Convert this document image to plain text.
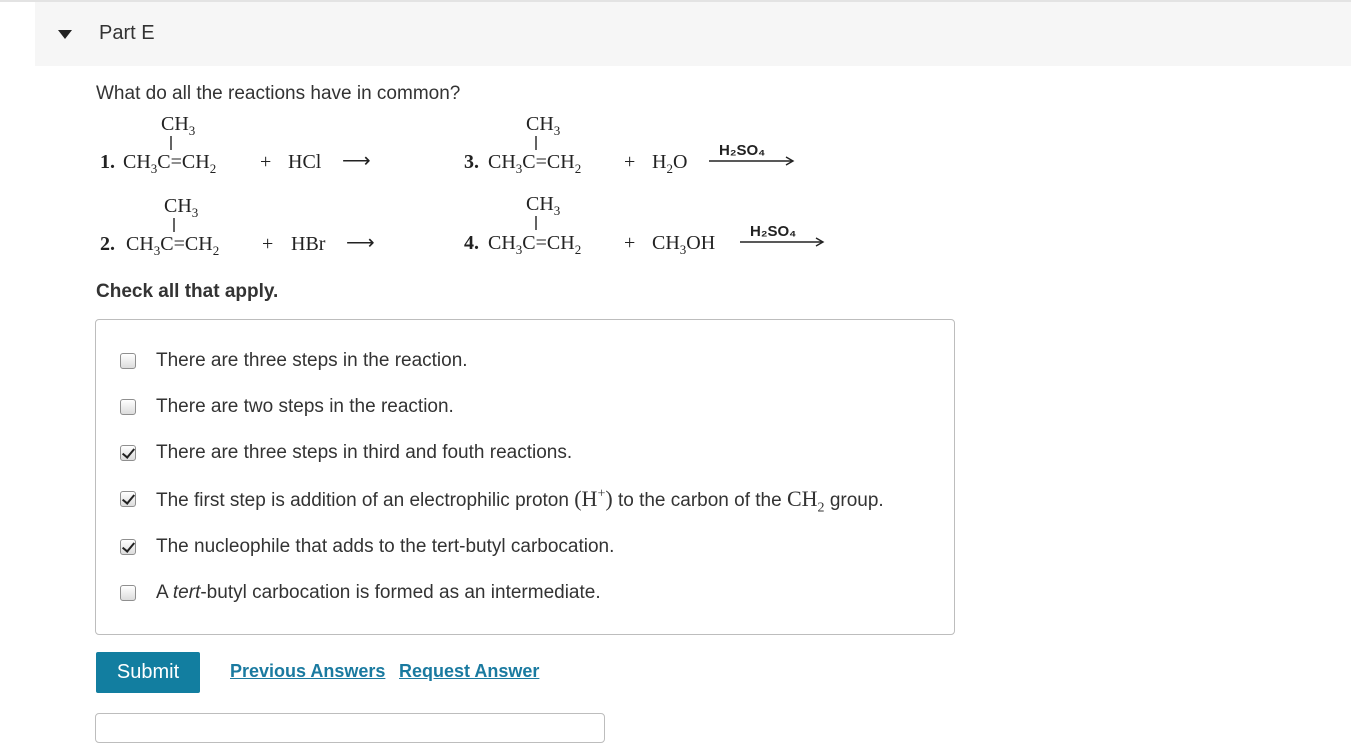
Part E
What do all the reactions have in common?
$CH_3$
1. $CH_3C=CH_2$ + HCl ⟶
$CH_3$
2. $CH_3C=CH_2$ + HBr ⟶
$CH_3$
3. $CH_3C=CH_2 + H_2O$
H₂SO₄
$CH_3$
4. $CH_3C=CH_2 + CH_3OH$
H₂SO₄
Check all that apply.
There are three steps in the reaction.
There are two steps in the reaction.
There are three steps in third and fouth reactions.
The first step is addition of an electrophilic proton (H+) to the carbon of the $CH_2$ group.
The nucleophile that adds to the tert-butyl carbocation.
A tert-butyl carbocation is formed as an intermediate.
Submit	Previous Answers Request Answer
